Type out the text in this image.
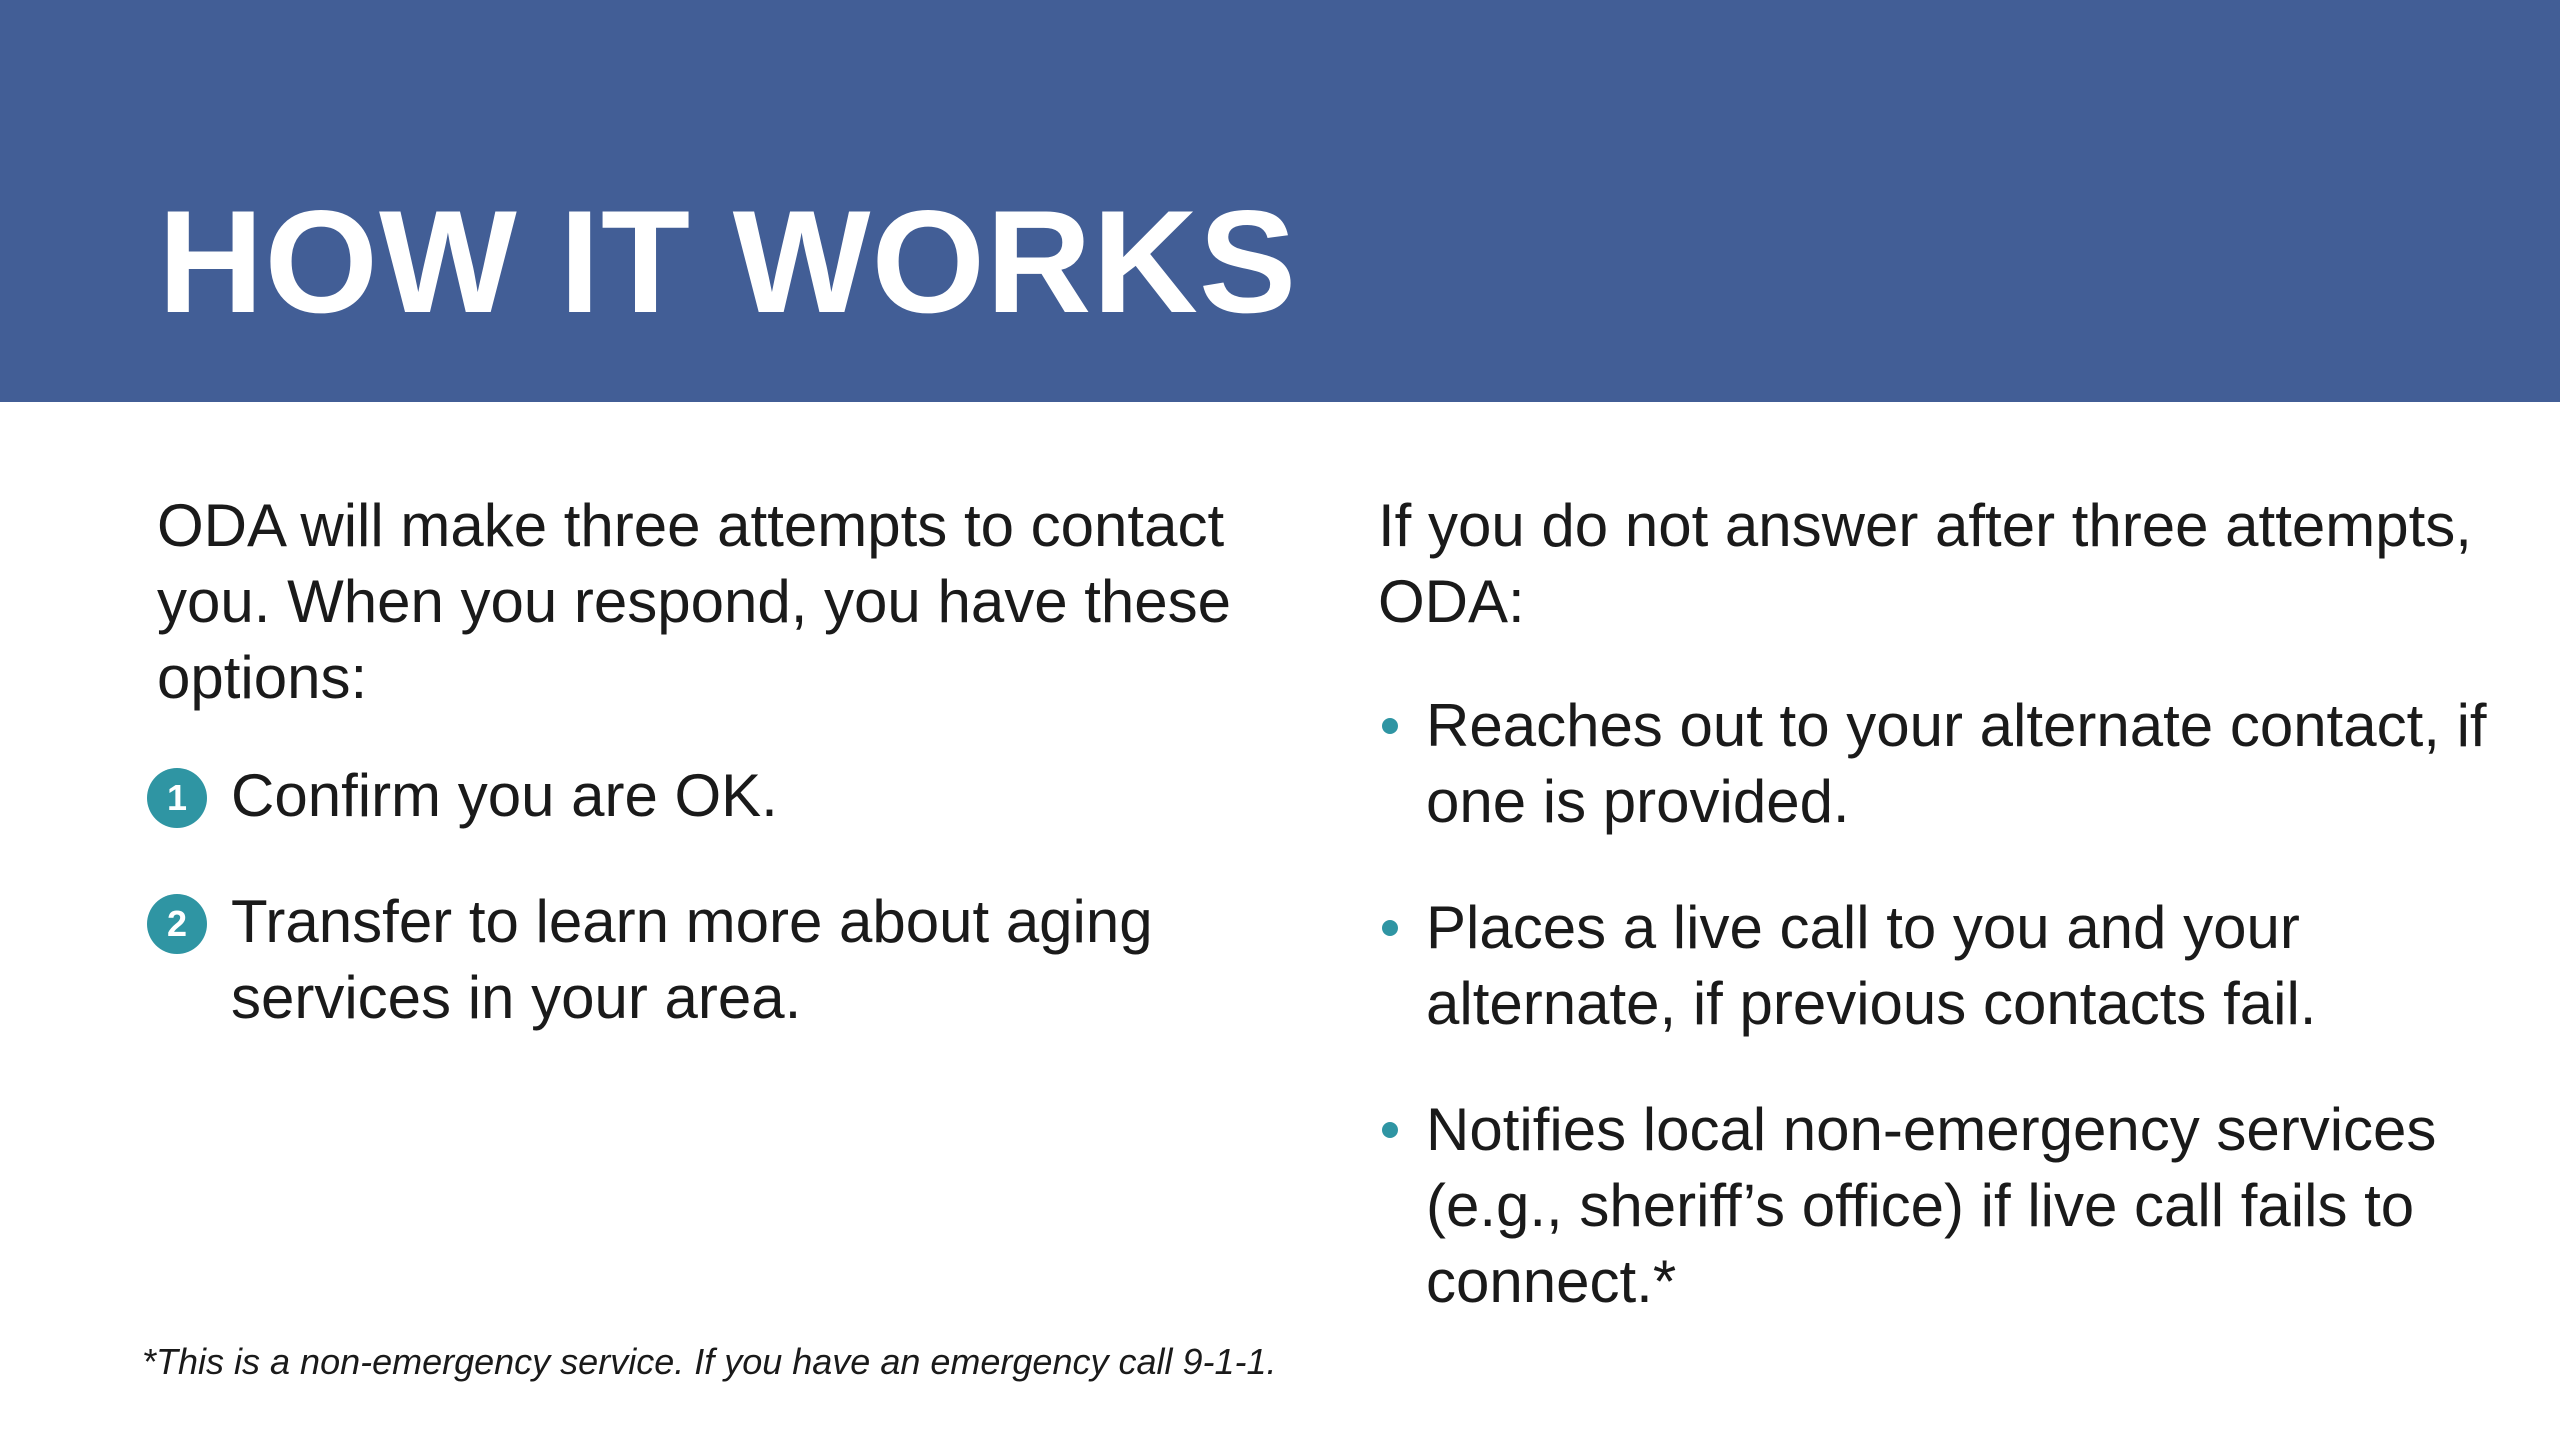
HOW IT WORKS

ODA will make three attempts to contact you. When you respond, you have these options:

1 Confirm you are OK.
2 Transfer to learn more about aging services in your area.

If you do not answer after three attempts, ODA:

Reaches out to your alternate contact, if one is provided.
Places a live call to you and your alternate, if previous contacts fail.
Notifies local non-emergency services (e.g., sheriff’s office) if live call fails to connect.*

*This is a non-emergency service. If you have an emergency call 9-1-1.
